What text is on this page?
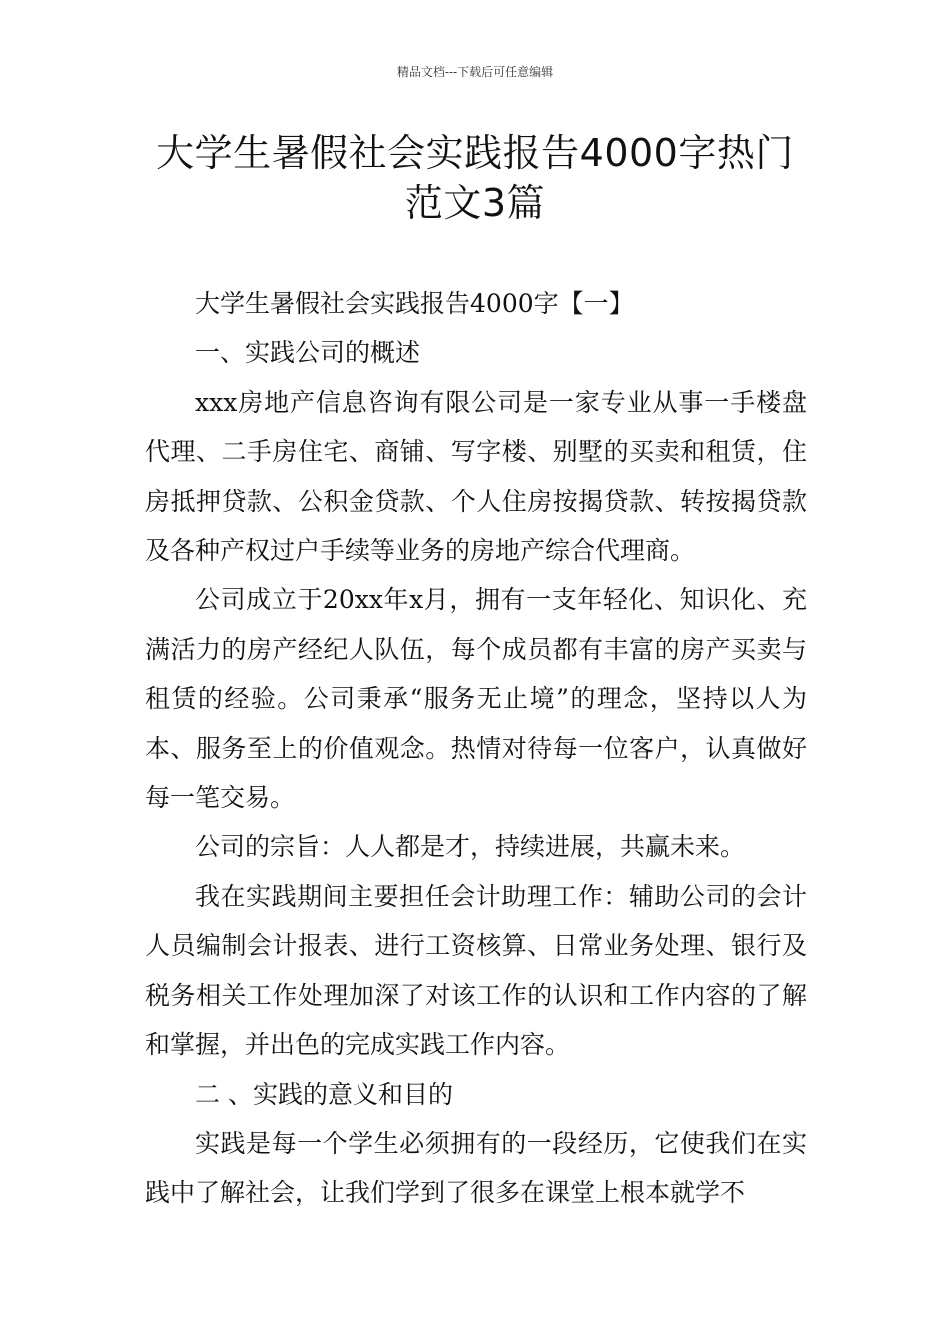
精品文档---下载后可任意编辑
大学生暑假社会实践报告4000字热门
范文3篇

大学生暑假社会实践报告4000字【一】

一、实践公司的概述

xxx房地产信息咨询有限公司是一家专业从事一手楼盘代理、二手房住宅、商铺、写字楼、别墅的买卖和租赁，住房抵押贷款、公积金贷款、个人住房按揭贷款、转按揭贷款及各种产权过户手续等业务的房地产综合代理商。

公司成立于20xx年x月，拥有一支年轻化、知识化、充满活力的房产经纪人队伍，每个成员都有丰富的房产买卖与租赁的经验。公司秉承“服务无止境”的理念，坚持以人为本、服务至上的价值观念。热情对待每一位客户，认真做好每一笔交易。

公司的宗旨：人人都是才，持续进展，共赢未来。

我在实践期间主要担任会计助理工作：辅助公司的会计人员编制会计报表、进行工资核算、日常业务处理、银行及税务相关工作处理加深了对该工作的认识和工作内容的了解和掌握，并出色的完成实践工作内容。

二 、实践的意义和目的

实践是每一个学生必须拥有的一段经历，它使我们在实践中了解社会，让我们学到了很多在课堂上根本就学不
